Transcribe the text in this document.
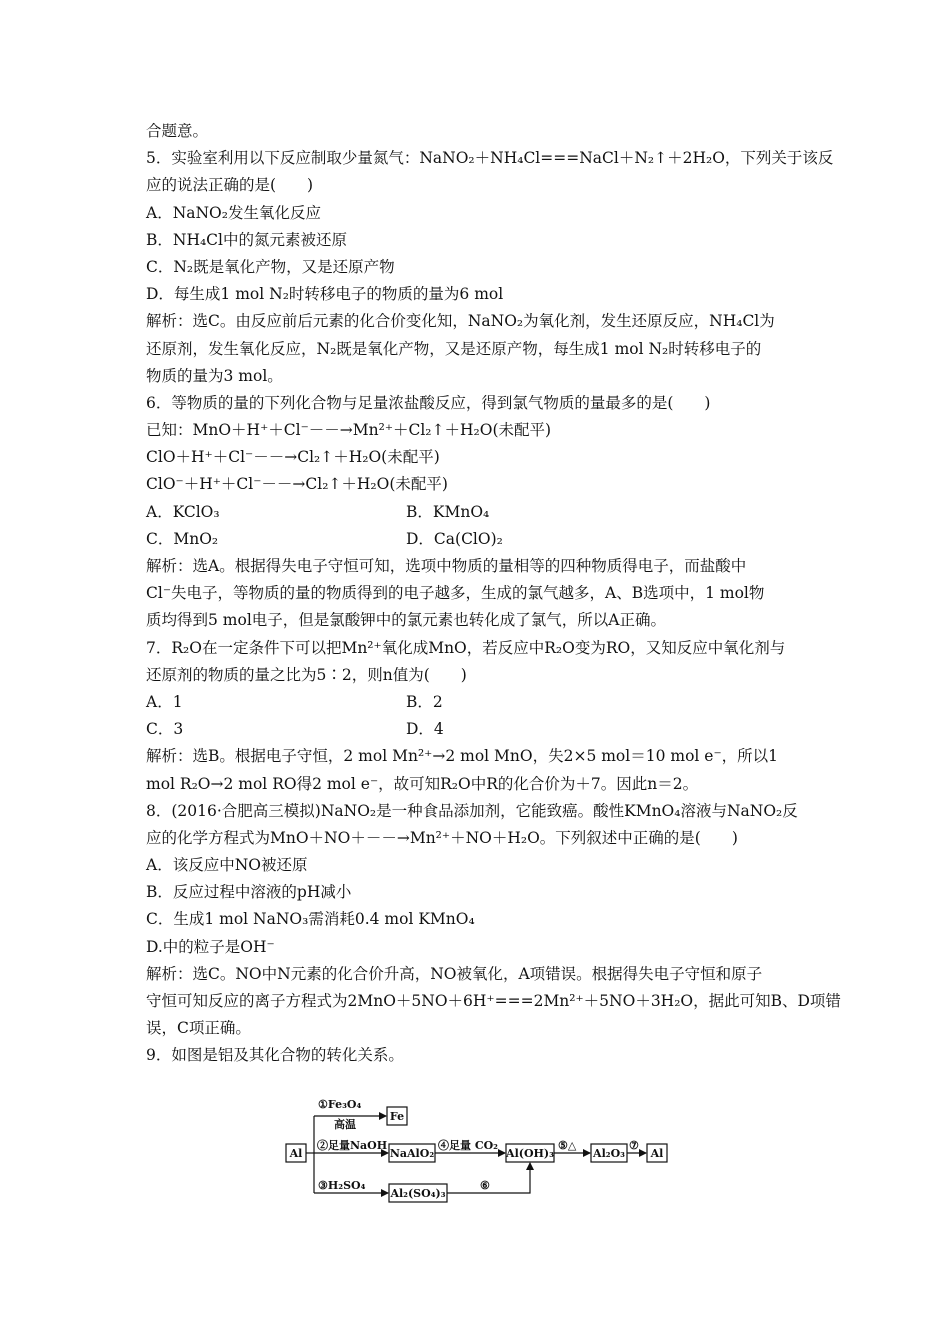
合题意。
5．实验室利用以下反应制取少量氮气：NaNO₂＋NH₄Cl===NaCl＋N₂↑＋2H₂O，下列关于该反
应的说法正确的是(　　)
A．NaNO₂发生氧化反应
B．NH₄Cl中的氮元素被还原
C．N₂既是氧化产物，又是还原产物
D．每生成1 mol N₂时转移电子的物质的量为6 mol
解析：选C。由反应前后元素的化合价变化知，NaNO₂为氧化剂，发生还原反应，NH₄Cl为
还原剂，发生氧化反应，N₂既是氧化产物，又是还原产物，每生成1 mol N₂时转移电子的
物质的量为3 mol。
6．等物质的量的下列化合物与足量浓盐酸反应，得到氯气物质的量最多的是(　　)
已知：MnO＋H⁺＋Cl⁻－－→Mn²⁺＋Cl₂↑＋H₂O(未配平)
ClO＋H⁺＋Cl⁻－－→Cl₂↑＋H₂O(未配平)
ClO⁻＋H⁺＋Cl⁻－－→Cl₂↑＋H₂O(未配平)
A．KClO₃	B．KMnO₄
C．MnO₂	D．Ca(ClO)₂
解析：选A。根据得失电子守恒可知，选项中物质的量相等的四种物质得电子，而盐酸中
Cl⁻失电子，等物质的量的物质得到的电子越多，生成的氯气越多，A、B选项中，1 mol物
质均得到5 mol电子，但是氯酸钾中的氯元素也转化成了氯气，所以A正确。
7．R₂O在一定条件下可以把Mn²⁺氧化成MnO，若反应中R₂O变为RO，又知反应中氧化剂与
还原剂的物质的量之比为5∶2，则n值为(　　)
A．1	B．2
C．3	D．4
解析：选B。根据电子守恒，2 mol Mn²⁺→2 mol MnO，失2×5 mol＝10 mol e⁻，所以1
mol R₂O→2 mol RO得2 mol e⁻，故可知R₂O中R的化合价为＋7。因此n＝2。
8．(2016·合肥高三模拟)NaNO₂是一种食品添加剂，它能致癌。酸性KMnO₄溶液与NaNO₂反
应的化学方程式为MnO＋NO＋－－→Mn²⁺＋NO＋H₂O。下列叙述中正确的是(　　)
A．该反应中NO被还原
B．反应过程中溶液的pH减小
C．生成1 mol NaNO₃需消耗0.4 mol KMnO₄
D.中的粒子是OH⁻
解析：选C。NO中N元素的化合价升高，NO被氧化，A项错误。根据得失电子守恒和原子
守恒可知反应的离子方程式为2MnO＋5NO＋6H⁺===2Mn²⁺＋5NO＋3H₂O，据此可知B、D项错
误，C项正确。
9．如图是铝及其化合物的转化关系。
Al
①Fe₃O₄
高温
Fe
②足量NaOH
NaAlO₂
④足量 CO₂
Al(OH)₃
⑤△
Al₂O₃
⑦
Al
③H₂SO₄
Al₂(SO₄)₃
⑥
